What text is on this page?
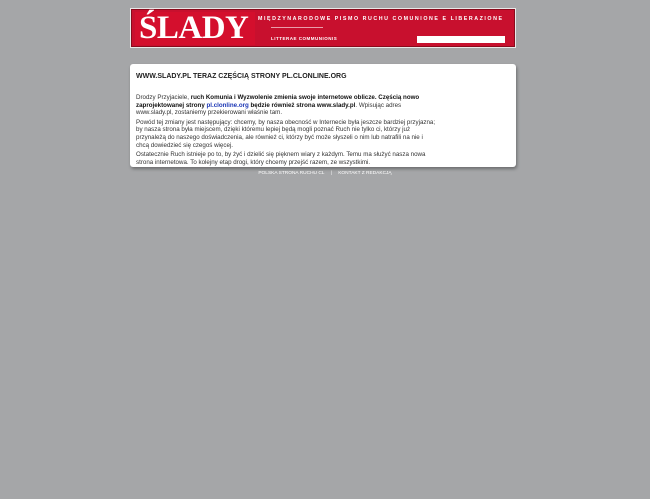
ŚLADY MIĘDZYNARODOWE PISMO RUCHU COMUNIONE E LIBERAZIONE
LITTERAE COMMUNIONIS
WWW.SLADY.PL TERAZ CZĘŚCIĄ STRONY PL.CLONLINE.ORG

Drodzy Przyjaciele, ruch Komunia i Wyzwolenie zmienia swoje internetowe oblicze. Częścią nowo zaprojektowanej strony pl.clonline.org będzie również strona www.slady.pl. Wpisując adres www.slady.pl, zostaniemy przekierowani właśnie tam.

Powód tej zmiany jest następujący: chcemy, by nasza obecność w Internecie była jeszcze bardziej przyjazna; by nasza strona była miejscem, dzięki któremu lepiej będą mogli poznać Ruch nie tylko ci, którzy już przynależą do naszego doświadczenia, ale również ci, którzy być może słyszeli o nim lub natrafili na nie i chcą dowiedzieć się czegoś więcej.

Ostatecznie Ruch istnieje po to, by żyć i dzielić się pięknem wiary z każdym. Temu ma służyć nasza nowa strona internetowa. To kolejny etap drogi, który chcemy przejść razem, ze wszystkimi.

POLSKA STRONA RUCHU CL | KONTAKT Z REDAKCJĄ
